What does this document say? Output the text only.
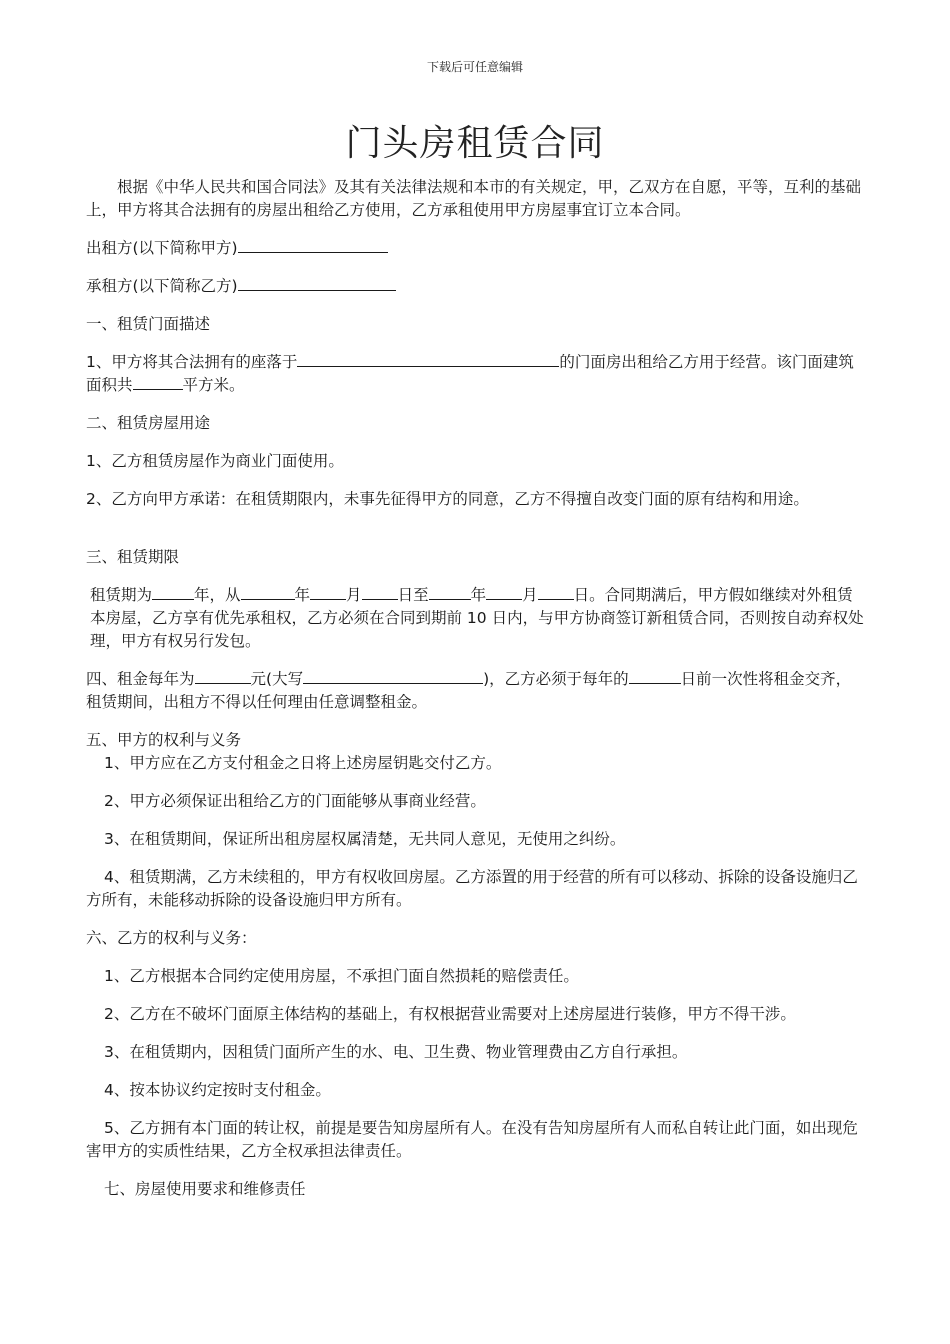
下载后可任意编辑
门头房租赁合同

根据《中华人民共和国合同法》及其有关法律法规和本市的有关规定，甲，乙双方在自愿，平等，互利的基础上，甲方将其合法拥有的房屋出租给乙方使用，乙方承租使用甲方房屋事宜订立本合同。

出租方(以下简称甲方)

承租方(以下简称乙方)

一、租赁门面描述

1、甲方将其合法拥有的座落于	的门面房出租给乙方用于经营。该门面建筑面积共	平方米。

二、租赁房屋用途

1、乙方租赁房屋作为商业门面使用。

2、乙方向甲方承诺：在租赁期限内，未事先征得甲方的同意，乙方不得擅自改变门面的原有结构和用途。

三、租赁期限

租赁期为	年，从	年 月 日至	年 月 日。合同期满后，甲方假如继续对外租赁本房屋，乙方享有优先承租权，乙方必须在合同到期前 10 日内，与甲方协商签订新租赁合同，否则按自动弃权处理，甲方有权另行发包。

四、租金每年为	元(大写	)，乙方必须于每年的	日前一次性将租金交齐，租赁期间，出租方不得以任何理由任意调整租金。

五、甲方的权利与义务

1、甲方应在乙方支付租金之日将上述房屋钥匙交付乙方。

2、甲方必须保证出租给乙方的门面能够从事商业经营。

3、在租赁期间，保证所出租房屋权属清楚，无共同人意见，无使用之纠纷。

4、租赁期满，乙方未续租的，甲方有权收回房屋。乙方添置的用于经营的所有可以移动、拆除的设备设施归乙方所有，未能移动拆除的设备设施归甲方所有。

六、乙方的权利与义务：

1、乙方根据本合同约定使用房屋，不承担门面自然损耗的赔偿责任。

2、乙方在不破坏门面原主体结构的基础上，有权根据营业需要对上述房屋进行装修，甲方不得干涉。

3、在租赁期内，因租赁门面所产生的水、电、卫生费、物业管理费由乙方自行承担。

4、按本协议约定按时支付租金。

5、乙方拥有本门面的转让权，前提是要告知房屋所有人。在没有告知房屋所有人而私自转让此门面，如出现危害甲方的实质性结果，乙方全权承担法律责任。

七、房屋使用要求和维修责任
